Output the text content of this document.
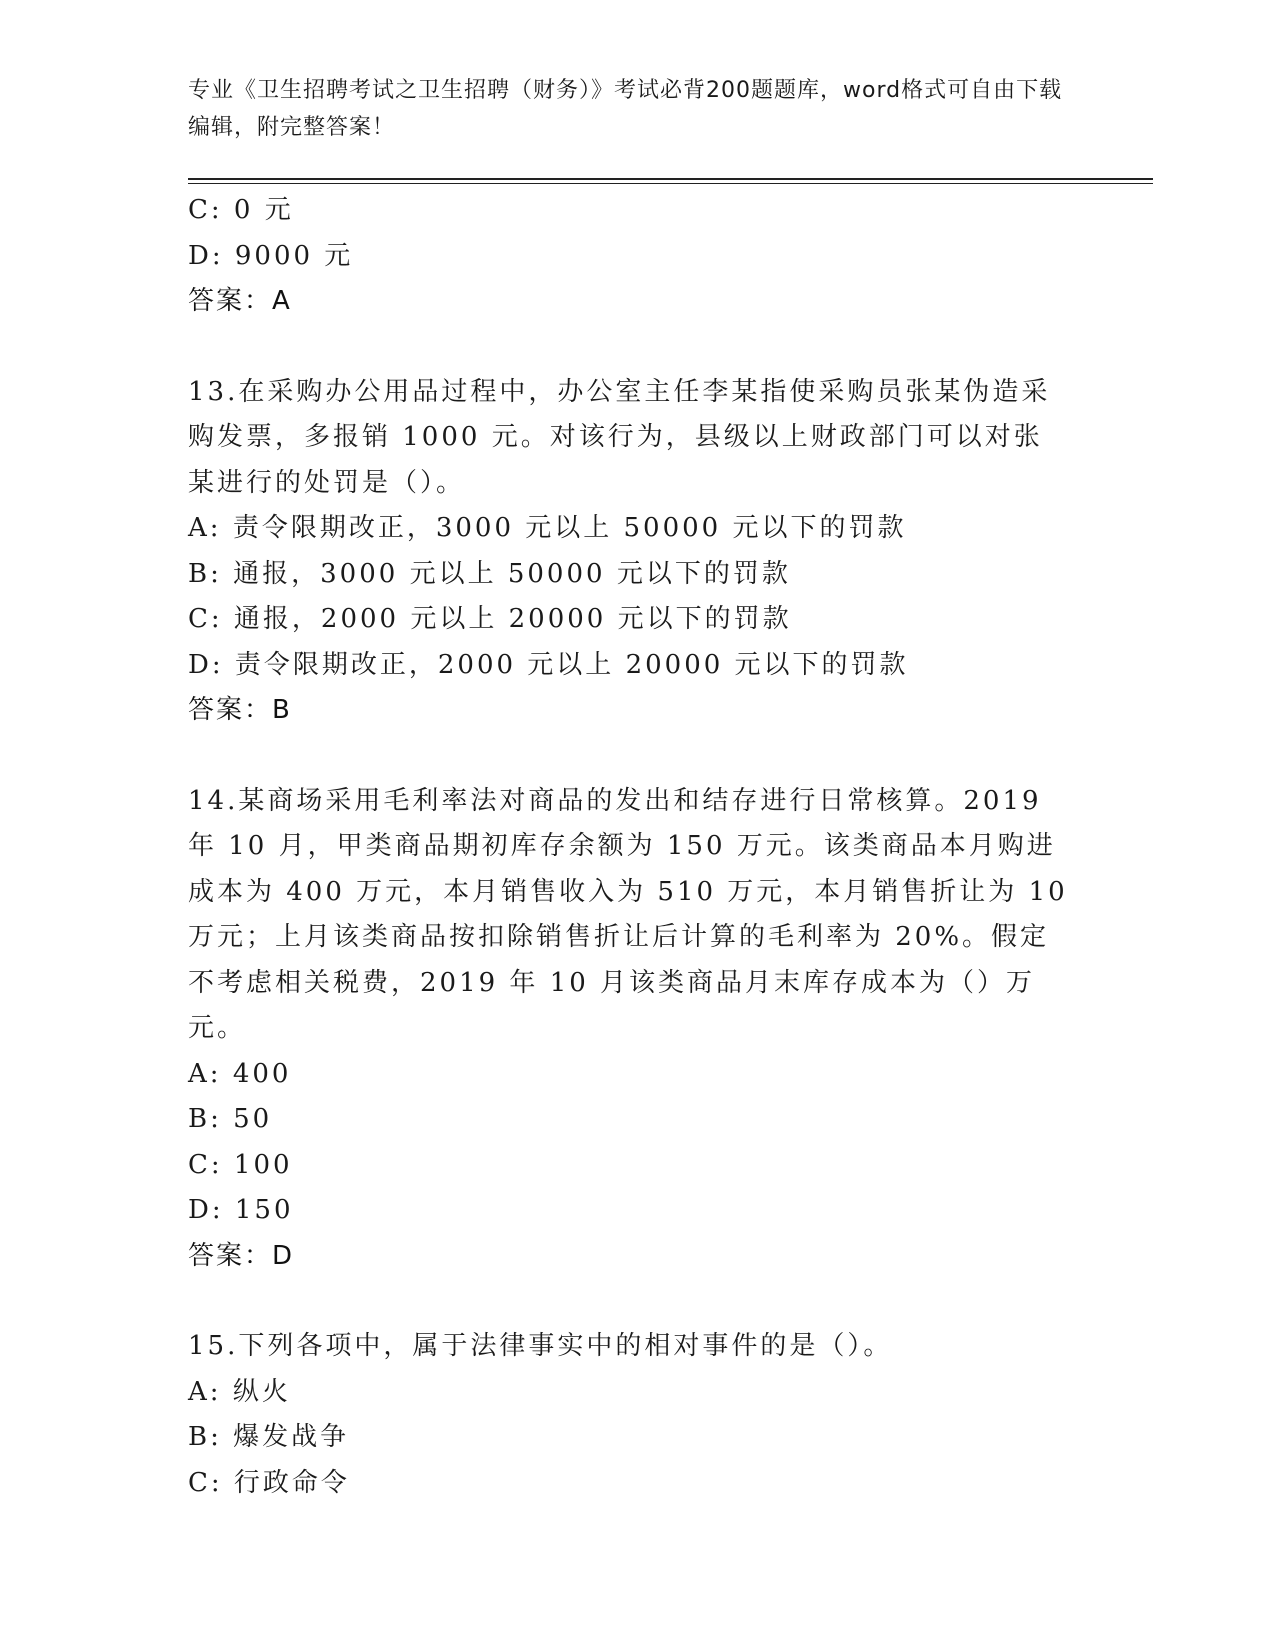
专业《卫生招聘考试之卫生招聘（财务）》考试必背200题题库，word格式可自由下载编辑，附完整答案！
C: 0 元
D: 9000 元
答案：A
13.在采购办公用品过程中，办公室主任李某指使采购员张某伪造采购发票，多报销 1000 元。对该行为，县级以上财政部门可以对张某进行的处罚是（）。
A: 责令限期改正，3000 元以上 50000 元以下的罚款
B: 通报，3000 元以上 50000 元以下的罚款
C: 通报，2000 元以上 20000 元以下的罚款
D: 责令限期改正，2000 元以上 20000 元以下的罚款
答案：B
14.某商场采用毛利率法对商品的发出和结存进行日常核算。2019 年 10 月，甲类商品期初库存余额为 150 万元。该类商品本月购进成本为 400 万元，本月销售收入为 510 万元，本月销售折让为 10 万元；上月该类商品按扣除销售折让后计算的毛利率为 20%。假定不考虑相关税费，2019 年 10 月该类商品月末库存成本为（）万元。
A: 400
B: 50
C: 100
D: 150
答案：D
15.下列各项中，属于法律事实中的相对事件的是（）。
A: 纵火
B: 爆发战争
C: 行政命令
